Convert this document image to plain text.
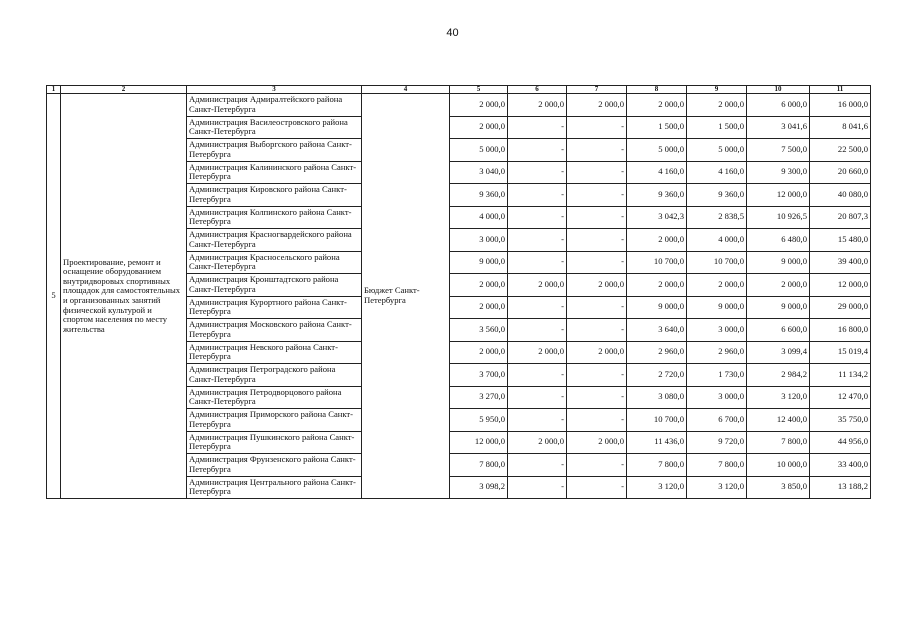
40
1	2	3	4	5	6	7	8	9	10	11
5	Проектирование, ремонт и оснащение оборудованием внутридворовых спортивных площадок для самостоятельных и организованных занятий физической культурой и спортом населения по месту жительства	Администрация Адмиралтейского района Санкт-Петербурга	Бюджет Санкт-Петербурга	2 000,0	2 000,0	2 000,0	2 000,0	2 000,0	6 000,0	16 000,0
		Администрация Василеостровского района Санкт-Петербурга		2 000,0	-	-	1 500,0	1 500,0	3 041,6	8 041,6
		Администрация Выборгского района Санкт-Петербурга		5 000,0	-	-	5 000,0	5 000,0	7 500,0	22 500,0
		Администрация Калининского района Санкт-Петербурга		3 040,0	-	-	4 160,0	4 160,0	9 300,0	20 660,0
		Администрация Кировского района Санкт-Петербурга		9 360,0	-	-	9 360,0	9 360,0	12 000,0	40 080,0
		Администрация Колпинского района Санкт-Петербурга		4 000,0	-	-	3 042,3	2 838,5	10 926,5	20 807,3
		Администрация Красногвардейского района Санкт-Петербурга		3 000,0	-	-	2 000,0	4 000,0	6 480,0	15 480,0
		Администрация Красносельского района Санкт-Петербурга		9 000,0	-	-	10 700,0	10 700,0	9 000,0	39 400,0
		Администрация Кронштадтского района Санкт-Петербурга		2 000,0	2 000,0	2 000,0	2 000,0	2 000,0	2 000,0	12 000,0
		Администрация Курортного района Санкт-Петербурга		2 000,0	-	-	9 000,0	9 000,0	9 000,0	29 000,0
		Администрация Московского района Санкт-Петербурга		3 560,0	-	-	3 640,0	3 000,0	6 600,0	16 800,0
		Администрация Невского района Санкт-Петербурга		2 000,0	2 000,0	2 000,0	2 960,0	2 960,0	3 099,4	15 019,4
		Администрация Петроградского района Санкт-Петербурга		3 700,0	-	-	2 720,0	1 730,0	2 984,2	11 134,2
		Администрация Петродворцового района Санкт-Петербурга		3 270,0	-	-	3 080,0	3 000,0	3 120,0	12 470,0
		Администрация Приморского района Санкт-Петербурга		5 950,0	-	-	10 700,0	6 700,0	12 400,0	35 750,0
		Администрация Пушкинского района Санкт-Петербурга		12 000,0	2 000,0	2 000,0	11 436,0	9 720,0	7 800,0	44 956,0
		Администрация Фрунзенского района Санкт-Петербурга		7 800,0	-	-	7 800,0	7 800,0	10 000,0	33 400,0
		Администрация Центрального района Санкт-Петербурга		3 098,2	-	-	3 120,0	3 120,0	3 850,0	13 188,2
